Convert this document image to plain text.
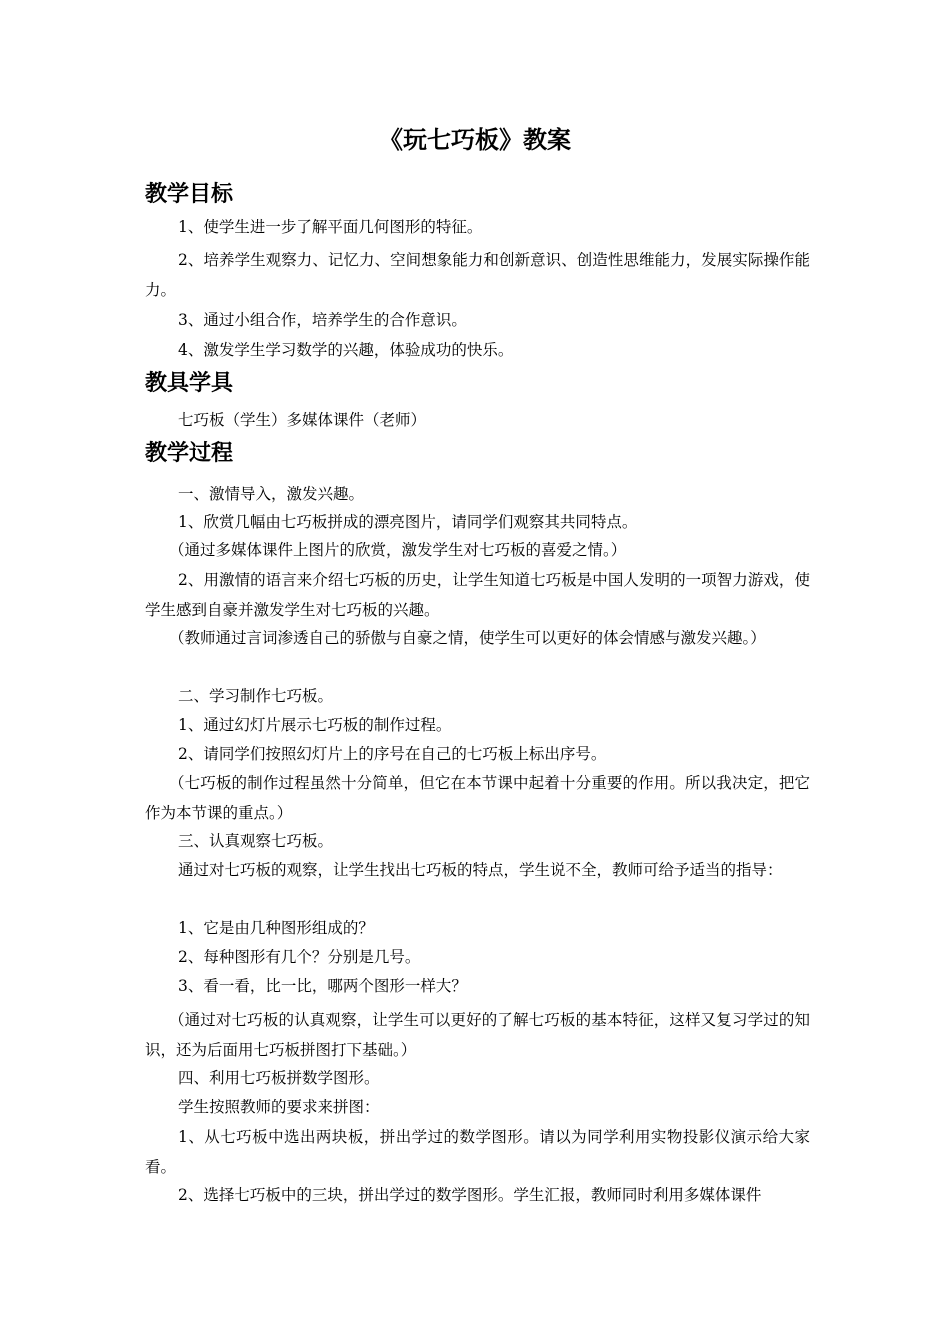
《玩七巧板》教案
教学目标
1、使学生进一步了解平面几何图形的特征。
2、培养学生观察力、记忆力、空间想象能力和创新意识、创造性思维能力，发展实际操作能力。
3、通过小组合作，培养学生的合作意识。
4、激发学生学习数学的兴趣，体验成功的快乐。
教具学具
七巧板（学生）多媒体课件（老师）
教学过程
一、激情导入，激发兴趣。
1、欣赏几幅由七巧板拼成的漂亮图片，请同学们观察其共同特点。
（通过多媒体课件上图片的欣赏，激发学生对七巧板的喜爱之情。）
2、用激情的语言来介绍七巧板的历史，让学生知道七巧板是中国人发明的一项智力游戏，使学生感到自豪并激发学生对七巧板的兴趣。
（教师通过言词渗透自己的骄傲与自豪之情，使学生可以更好的体会情感与激发兴趣。）
二、学习制作七巧板。
1、通过幻灯片展示七巧板的制作过程。
2、请同学们按照幻灯片上的序号在自己的七巧板上标出序号。
（七巧板的制作过程虽然十分简单，但它在本节课中起着十分重要的作用。所以我决定，把它作为本节课的重点。）
三、认真观察七巧板。
通过对七巧板的观察，让学生找出七巧板的特点，学生说不全，教师可给予适当的指导：
1、它是由几种图形组成的？
2、每种图形有几个？分别是几号。
3、看一看，比一比，哪两个图形一样大？
（通过对七巧板的认真观察，让学生可以更好的了解七巧板的基本特征，这样又复习学过的知识，还为后面用七巧板拼图打下基础。）
四、利用七巧板拼数学图形。
学生按照教师的要求来拼图：
1、从七巧板中选出两块板，拼出学过的数学图形。请以为同学利用实物投影仪演示给大家看。
2、选择七巧板中的三块，拼出学过的数学图形。学生汇报，教师同时利用多媒体课件
